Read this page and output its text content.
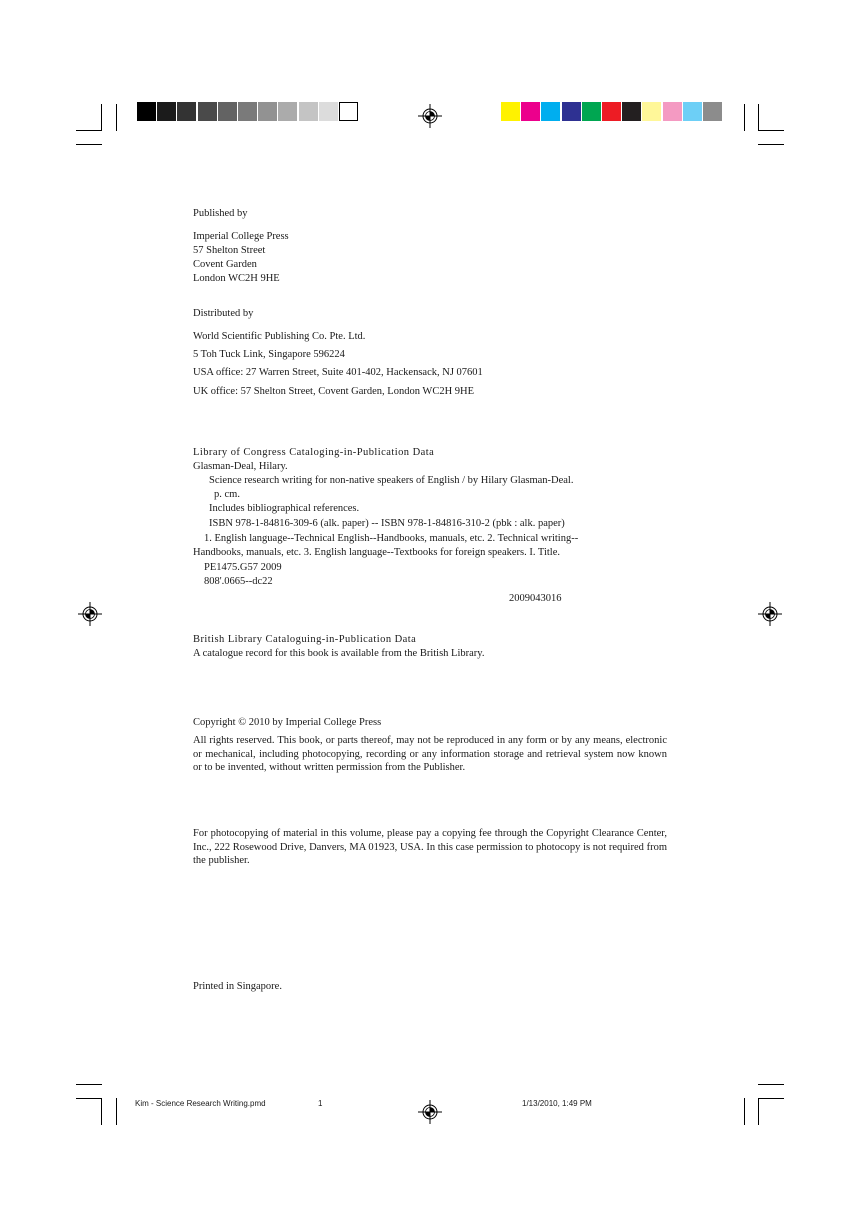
Published by
Imperial College Press
57 Shelton Street
Covent Garden
London WC2H 9HE
Distributed by
World Scientific Publishing Co. Pte. Ltd.
5 Toh Tuck Link, Singapore 596224
USA office: 27 Warren Street, Suite 401-402, Hackensack, NJ 07601
UK office: 57 Shelton Street, Covent Garden, London WC2H 9HE
Library of Congress Cataloging-in-Publication Data
Glasman-Deal, Hilary.
Science research writing for non-native speakers of English / by Hilary Glasman-Deal.
p. cm.
Includes bibliographical references.
ISBN 978-1-84816-309-6 (alk. paper) -- ISBN 978-1-84816-310-2 (pbk : alk. paper)
1. English language--Technical English--Handbooks, manuals, etc. 2. Technical writing--
Handbooks, manuals, etc. 3. English language--Textbooks for foreign speakers. I. Title.
PE1475.G57 2009
808'.0665--dc22
2009043016
British Library Cataloguing-in-Publication Data
A catalogue record for this book is available from the British Library.
Copyright © 2010 by Imperial College Press
All rights reserved. This book, or parts thereof, may not be reproduced in any form or by any means, electronic or mechanical, including photocopying, recording or any information storage and retrieval system now known or to be invented, without written permission from the Publisher.
For photocopying of material in this volume, please pay a copying fee through the Copyright Clearance Center, Inc., 222 Rosewood Drive, Danvers, MA 01923, USA. In this case permission to photocopy is not required from the publisher.
Printed in Singapore.
Kim - Science Research Writing.pmd	1	1/13/2010, 1:49 PM
